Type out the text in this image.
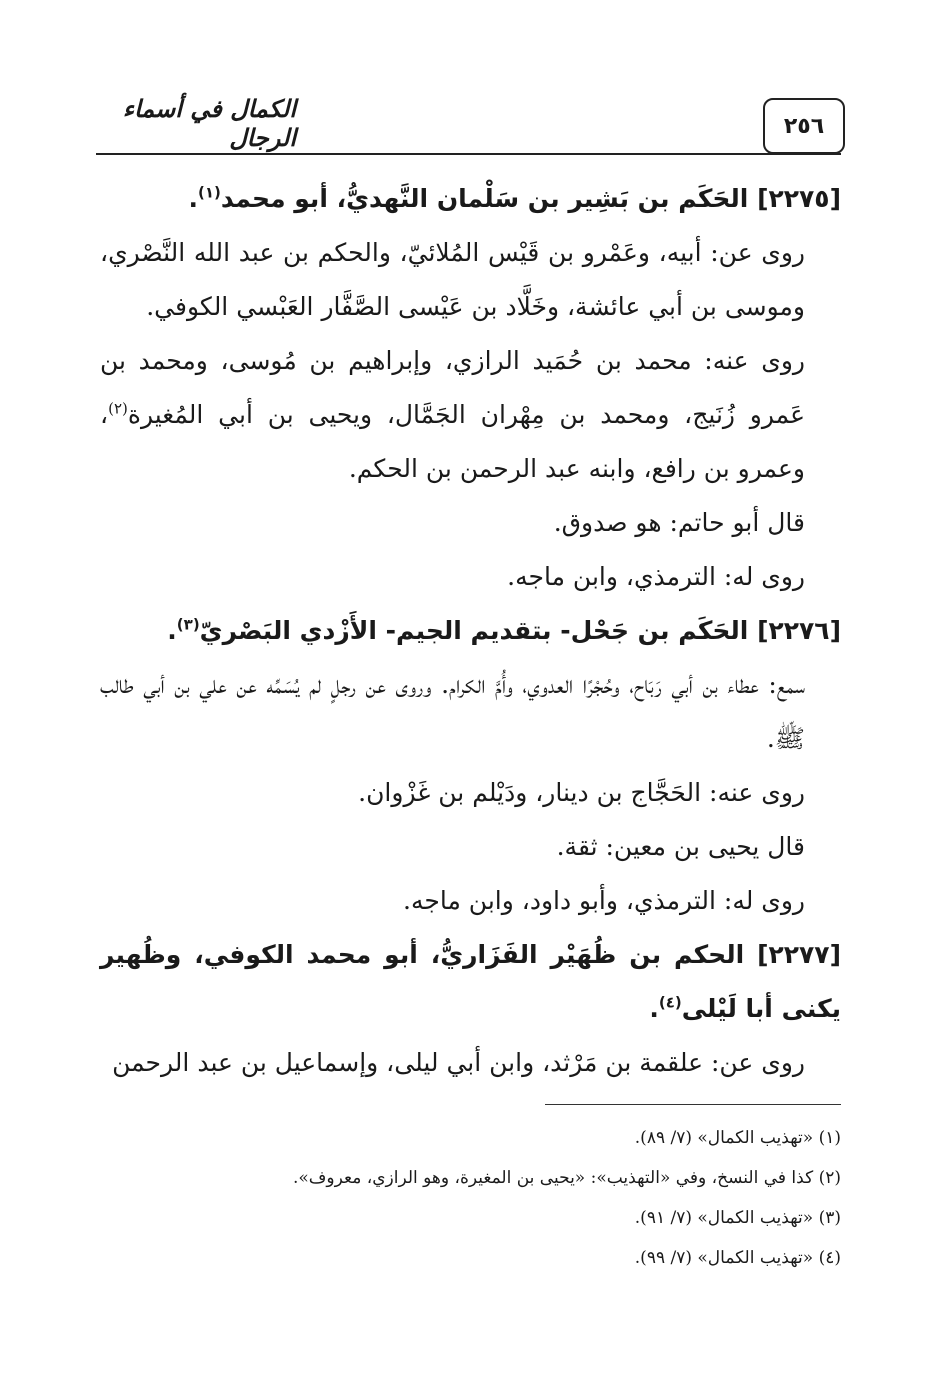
٢٥٦
الكمال في أسماء الرجال

[٢٢٧٥] الحَكَم بن بَشِير بن سَلْمان النَّهديُّ، أبو محمد$^{(١)}$.

روى عن: أبيه، وعَمْرو بن قَيْس المُلائيّ، والحكم بن عبد الله النَّصْري، وموسى بن أبي عائشة، وخَلَّاد بن عَيْسى الصَّفَّار العَبْسي الكوفي.

روى عنه: محمد بن حُمَيد الرازي، وإبراهيم بن مُوسى، ومحمد بن عَمرو زُنَيج، ومحمد بن مِهْران الجَمَّال، ويحيى بن أبي المُغيرة$^{(٢)}$، وعمرو بن رافع، وابنه عبد الرحمن بن الحكم.

قال أبو حاتم: هو صدوق.

روى له: الترمذي، وابن ماجه.

[٢٢٧٦] الحَكَم بن جَحْل- بتقديم الجيم- الأَزْدي البَصْريّ$^{(٣)}$.

سمع: عطاء بن أبي رَبَاح، وحُجْرًا العدوي، وأُمَّ الكرام. وروى عن رجلٍ لم يُسَمِّه عن علي بن أبي طالب ﷺ.

روى عنه: الحَجَّاج بن دينار، ودَيْلم بن غَزْوان.

قال يحيى بن معين: ثقة.

روى له: الترمذي، وأبو داود، وابن ماجه.

[٢٢٧٧] الحكم بن ظُهَيْر الفَزَاريُّ، أبو محمد الكوفي، وظُهير يكنى أبا لَيْلى$^{(٤)}$.

روى عن: علقمة بن مَرْثد، وابن أبي ليلى، وإسماعيل بن عبد الرحمن

(١) «تهذيب الكمال» (٧/ ٨٩).

(٢) كذا في النسخ، وفي «التهذيب»: «يحيى بن المغيرة، وهو الرازي، معروف».

(٣) «تهذيب الكمال» (٧/ ٩١).

(٤) «تهذيب الكمال» (٧/ ٩٩).
